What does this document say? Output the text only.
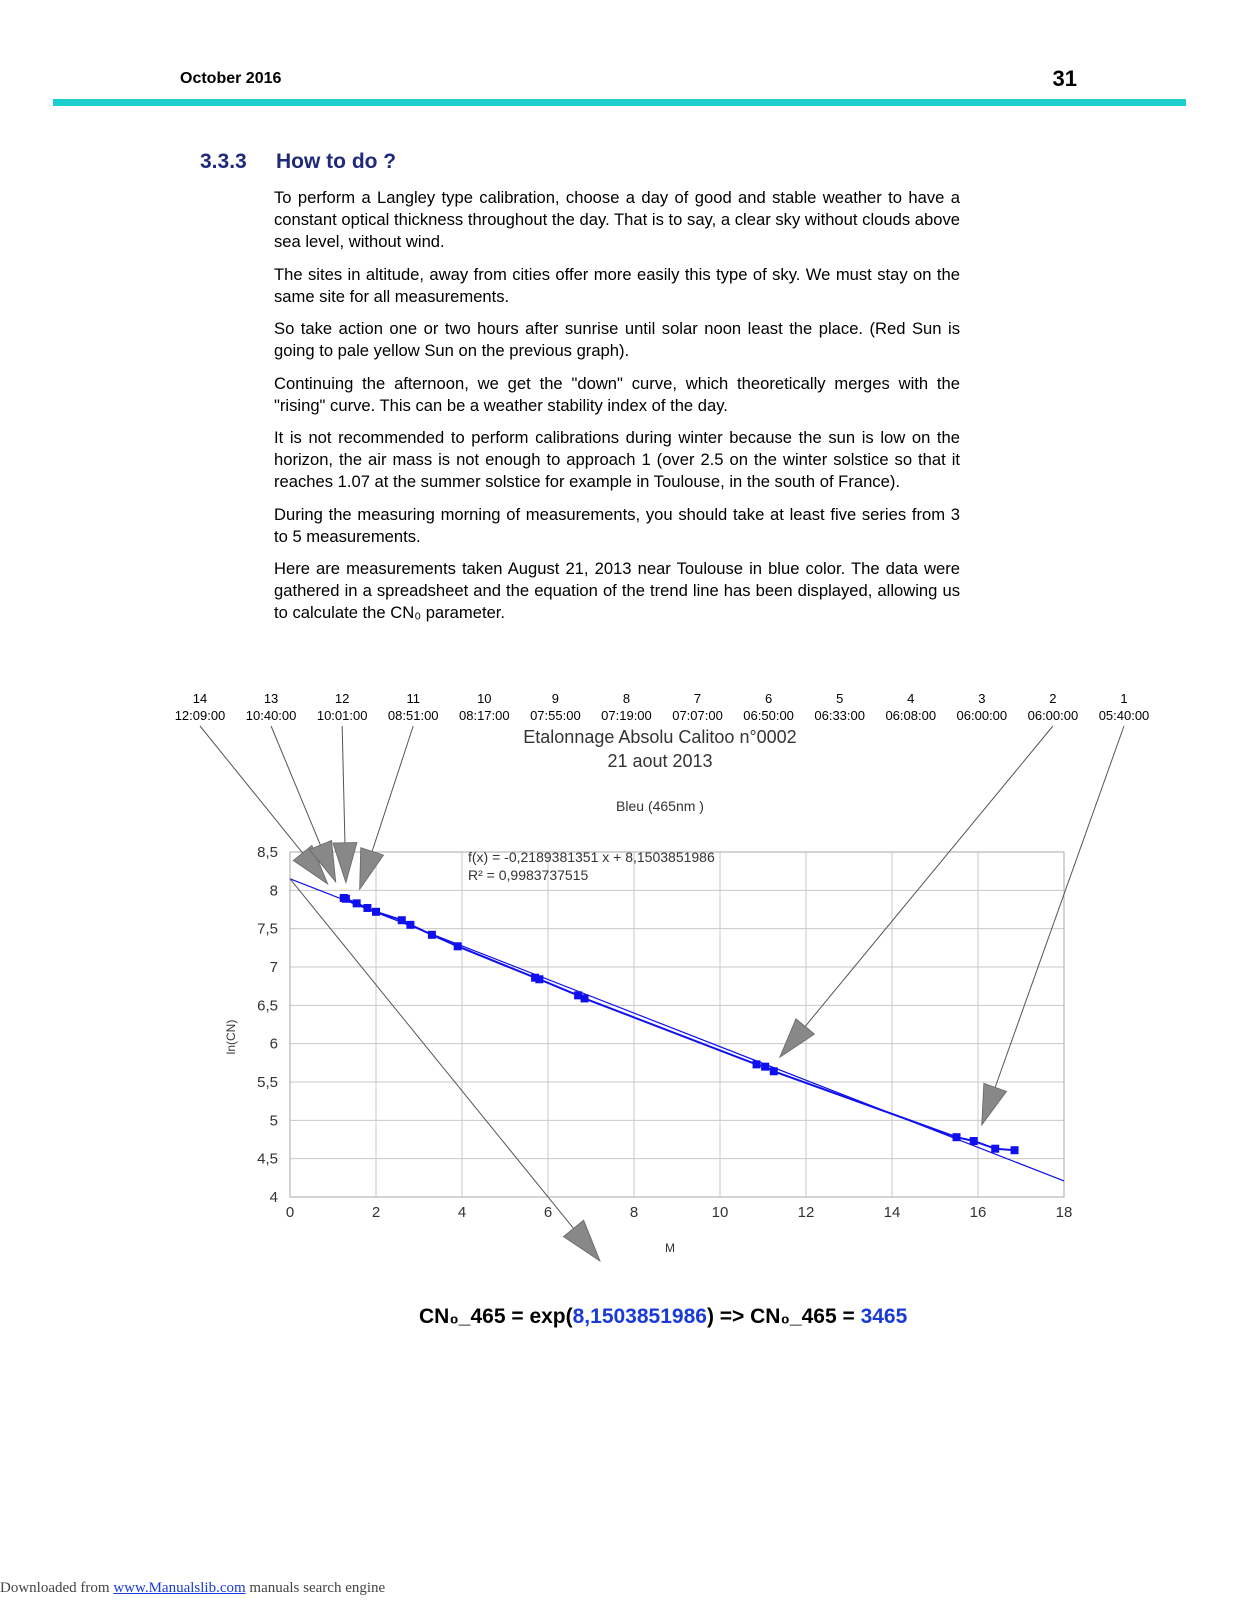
October 2016	31
3.3.3 How to do ?

To perform a Langley type calibration, choose a day of good and stable weather to have a constant optical thickness throughout the day. That is to say, a clear sky without clouds above sea level, without wind.

The sites in altitude, away from cities offer more easily this type of sky. We must stay on the same site for all measurements.

So take action one or two hours after sunrise until solar noon least the place. (Red Sun is going to pale yellow Sun on the previous graph).

Continuing the afternoon, we get the "down" curve, which theoretically merges with the "rising" curve. This can be a weather stability index of the day.

It is not recommended to perform calibrations during winter because the sun is low on the horizon, the air mass is not enough to approach 1 (over 2.5 on the winter solstice so that it reaches 1.07 at the summer solstice for example in Toulouse, in the south of France).

During the measuring morning of measurements, you should take at least five series from 3 to 5 measurements.

Here are measurements taken August 21, 2013 near Toulouse in blue color. The data were gathered in a spreadsheet and the equation of the trend line has been displayed, allowing us to calculate the CN₀ parameter.

14
12:09:00
13
10:40:00
12
10:01:00
11
08:51:00
10
08:17:00
9
07:55:00
8
07:19:00
7
07:07:00
6
06:50:00
5
06:33:00
4
06:08:00
3
06:00:00
2
06:00:00
1
05:40:00
Etalonnage Absolu Calitoo n°0002
21 aout 2013
Bleu (465nm )
0	2	4	6	8	10	12	14	16	18
4
4,5
5
5,5
6
6,5
7
7,5
8
8,5	f(x) = -0,2189381351 x + 8,1503851986
R² = 0,9983737515
M
ln(CN)
CN₀_465 = exp(8,1503851986) => CN₀_465 = 3465
Downloaded from www.Manualslib.com manuals search engine
